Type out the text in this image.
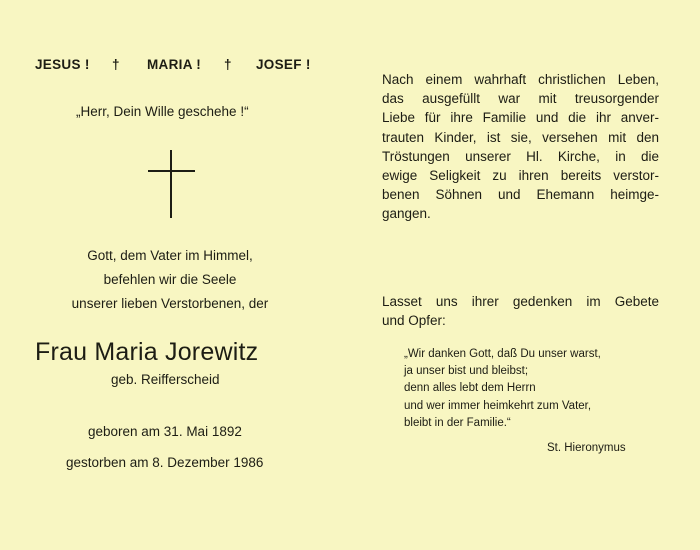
JESUS ! † MARIA ! † JOSEF !
„Herr, Dein Wille geschehe !“
Gott, dem Vater im Himmel,
befehlen wir die Seele
unserer lieben Verstorbenen, der
Frau Maria Jorewitz
geb. Reifferscheid
geboren am 31. Mai 1892
gestorben am 8. Dezember 1986
Nach einem wahrhaft christlichen Leben,
das ausgefüllt war mit treusorgender
Liebe für ihre Familie und die ihr anver-
trauten Kinder, ist sie, versehen mit den
Tröstungen unserer Hl. Kirche, in die
ewige Seligkeit zu ihren bereits verstor-
benen Söhnen und Ehemann heimge-
gangen.
Lasset uns ihrer gedenken im Gebete
und Opfer:
„Wir danken Gott, daß Du unser warst,
ja unser bist und bleibst;
denn alles lebt dem Herrn
und wer immer heimkehrt zum Vater,
bleibt in der Familie.“
St. Hieronymus
